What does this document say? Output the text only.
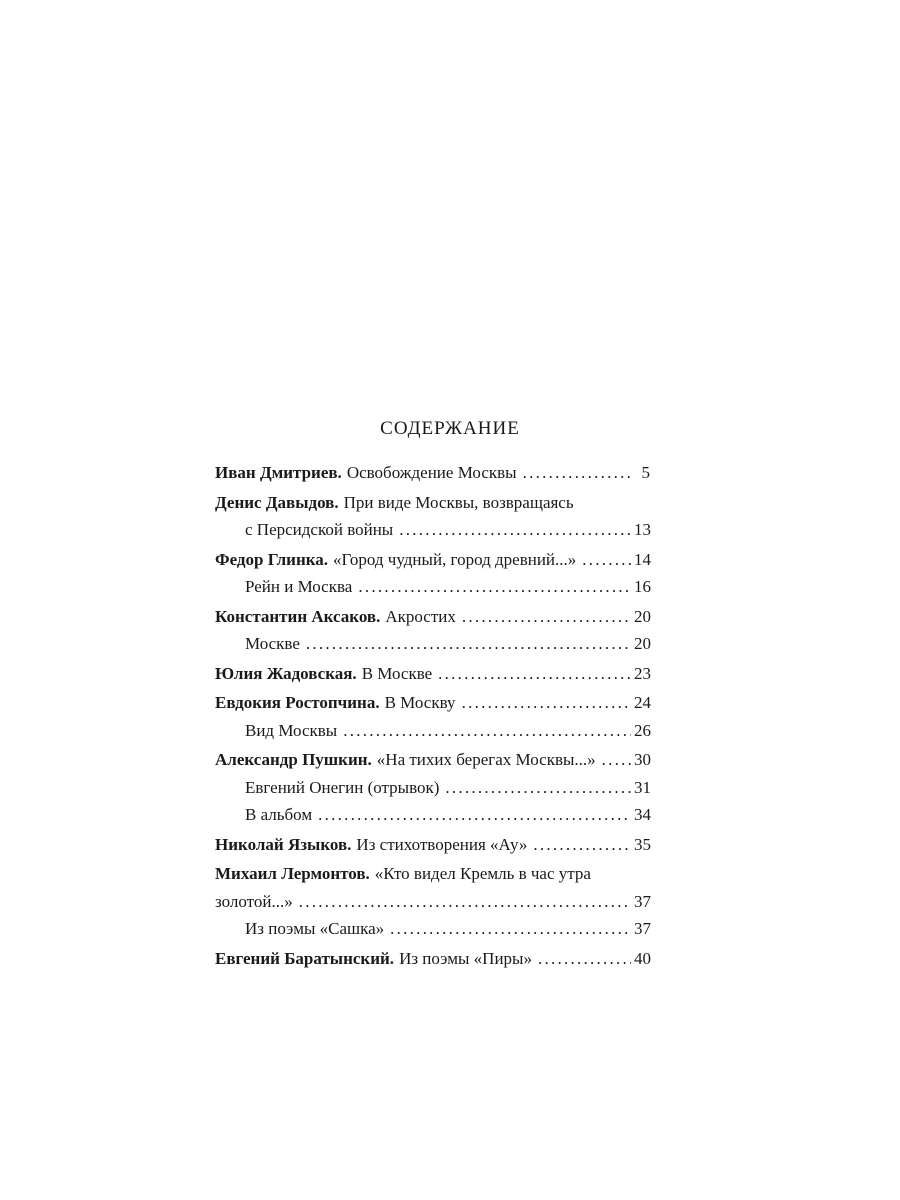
СОДЕРЖАНИЕ
Иван Дмитриев. Освобождение Москвы . . .	5
Денис Давыдов. При виде Москвы, возвращаясь
с Персидской войны . . .	13
Федор Глинка. «Город чудный, город древний...» . . .	14
Рейн и Москва . . .	16
Константин Аксаков. Акростих . . .	20
Москве . . .	20
Юлия Жадовская. В Москве . . .	23
Евдокия Ростопчина. В Москву . . .	24
Вид Москвы . . .	26
Александр Пушкин. «На тихих берегах Москвы...» . . . 30
Евгений Онегин (отрывок) . . .	31
В альбом . . .	34
Николай Языков. Из стихотворения «Ау» . . .	35
Михаил Лермонтов. «Кто видел Кремль в час утра
золотой...» . . .	37
Из поэмы «Сашка» . . .	37
Евгений Баратынский. Из поэмы «Пиры» . . .	40
